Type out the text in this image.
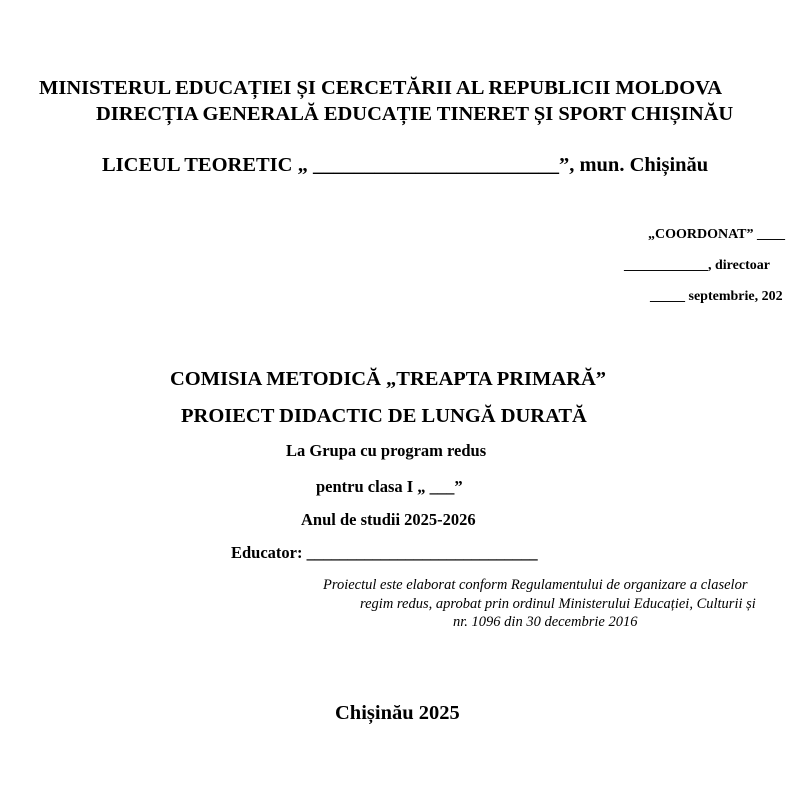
MINISTERUL EDUCAȚIEI ȘI CERCETĂRII AL REPUBLICII MOLDOVA
DIRECȚIA GENERALĂ EDUCAȚIE TINERET ȘI SPORT CHIȘINĂU
LICEUL TEORETIC „ ________________________”, mun. Chișinău
„COORDONAT” ____
____________, directoar
_____ septembrie, 202
COMISIA METODICĂ „TREAPTA PRIMARĂ”
PROIECT DIDACTIC DE LUNGĂ DURATĂ
La Grupa cu program redus
pentru clasa I „ ___”
Anul de studii 2025-2026
Educator: ____________________________
Proiectul este elaborat conform Regulamentului de organizare a claselor
regim redus, aprobat prin ordinul Ministerului Educației, Culturii și
nr. 1096 din 30 decembrie 2016
Chișinău 2025
